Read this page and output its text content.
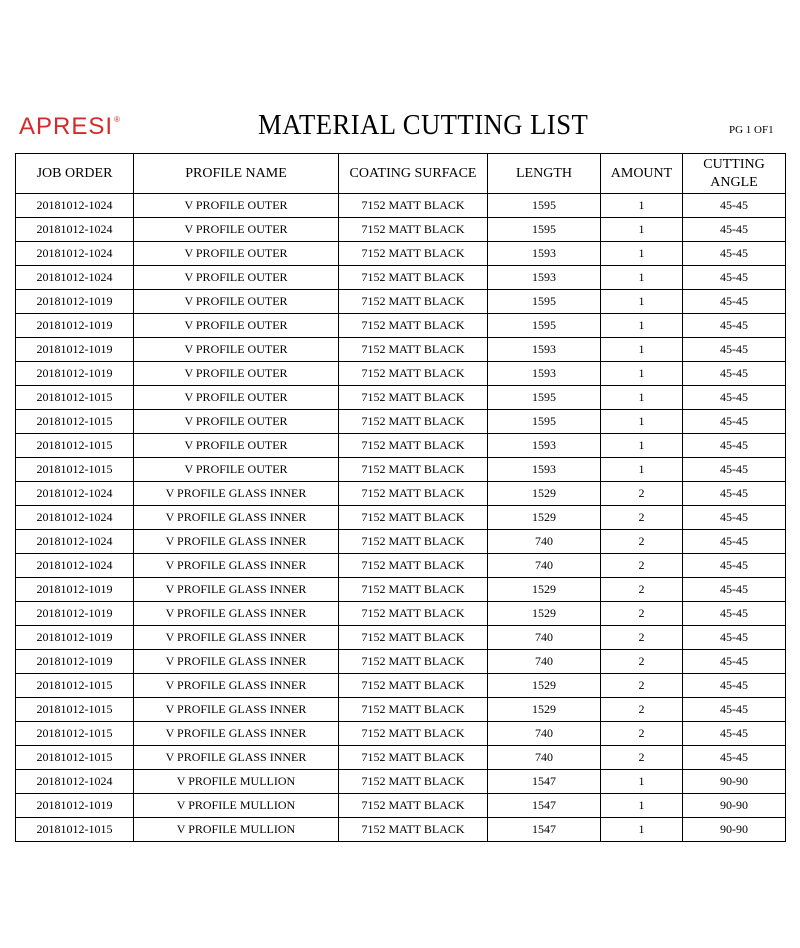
APRESI®	MATERIAL CUTTING LIST	PG 1 OF1
JOB ORDER	PROFILE NAME	COATING SURFACE	LENGTH	AMOUNT	CUTTING
ANGLE
20181012-1024	V PROFILE OUTER	7152 MATT BLACK	1595	1	45-45
20181012-1024	V PROFILE OUTER	7152 MATT BLACK	1595	1	45-45
20181012-1024	V PROFILE OUTER	7152 MATT BLACK	1593	1	45-45
20181012-1024	V PROFILE OUTER	7152 MATT BLACK	1593	1	45-45
20181012-1019	V PROFILE OUTER	7152 MATT BLACK	1595	1	45-45
20181012-1019	V PROFILE OUTER	7152 MATT BLACK	1595	1	45-45
20181012-1019	V PROFILE OUTER	7152 MATT BLACK	1593	1	45-45
20181012-1019	V PROFILE OUTER	7152 MATT BLACK	1593	1	45-45
20181012-1015	V PROFILE OUTER	7152 MATT BLACK	1595	1	45-45
20181012-1015	V PROFILE OUTER	7152 MATT BLACK	1595	1	45-45
20181012-1015	V PROFILE OUTER	7152 MATT BLACK	1593	1	45-45
20181012-1015	V PROFILE OUTER	7152 MATT BLACK	1593	1	45-45
20181012-1024	V PROFILE GLASS INNER	7152 MATT BLACK	1529	2	45-45
20181012-1024	V PROFILE GLASS INNER	7152 MATT BLACK	1529	2	45-45
20181012-1024	V PROFILE GLASS INNER	7152 MATT BLACK	740	2	45-45
20181012-1024	V PROFILE GLASS INNER	7152 MATT BLACK	740	2	45-45
20181012-1019	V PROFILE GLASS INNER	7152 MATT BLACK	1529	2	45-45
20181012-1019	V PROFILE GLASS INNER	7152 MATT BLACK	1529	2	45-45
20181012-1019	V PROFILE GLASS INNER	7152 MATT BLACK	740	2	45-45
20181012-1019	V PROFILE GLASS INNER	7152 MATT BLACK	740	2	45-45
20181012-1015	V PROFILE GLASS INNER	7152 MATT BLACK	1529	2	45-45
20181012-1015	V PROFILE GLASS INNER	7152 MATT BLACK	1529	2	45-45
20181012-1015	V PROFILE GLASS INNER	7152 MATT BLACK	740	2	45-45
20181012-1015	V PROFILE GLASS INNER	7152 MATT BLACK	740	2	45-45
20181012-1024	V PROFILE MULLION	7152 MATT BLACK	1547	1	90-90
20181012-1019	V PROFILE MULLION	7152 MATT BLACK	1547	1	90-90
20181012-1015	V PROFILE MULLION	7152 MATT BLACK	1547	1	90-90
